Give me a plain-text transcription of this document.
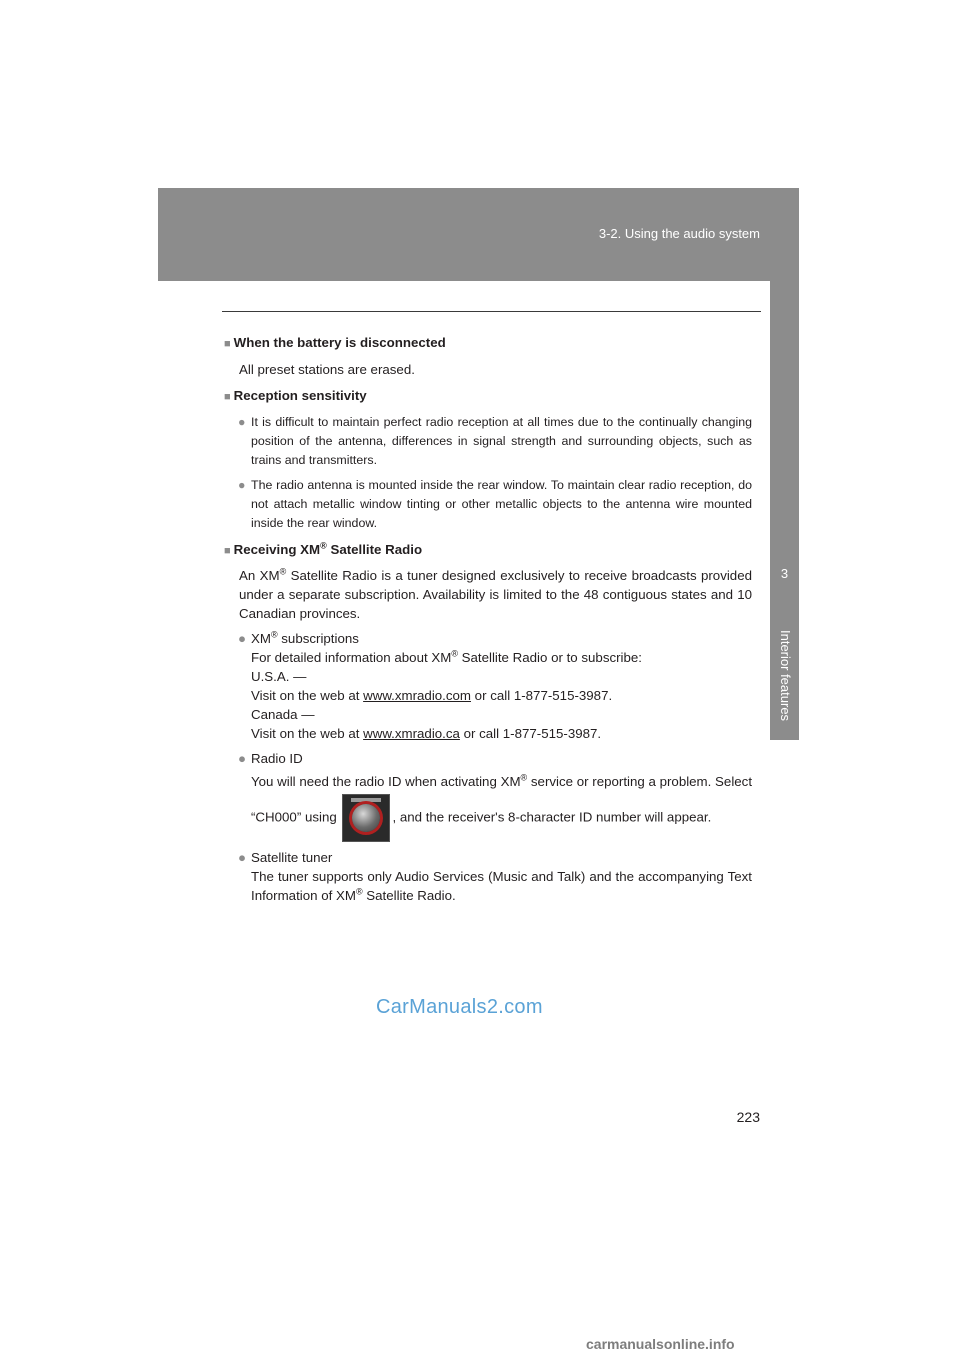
3-2. Using the audio system
3
Interior features
■ When the battery is disconnected
All preset stations are erased.
■ Reception sensitivity
● It is difficult to maintain perfect radio reception at all times due to the continually changing position of the antenna, differences in signal strength and surrounding objects, such as trains and transmitters.
● The radio antenna is mounted inside the rear window. To maintain clear radio reception, do not attach metallic window tinting or other metallic objects to the antenna wire mounted inside the rear window.
■ Receiving XM® Satellite Radio
An XM® Satellite Radio is a tuner designed exclusively to receive broadcasts provided under a separate subscription. Availability is limited to the 48 contiguous states and 10 Canadian provinces.
● XM® subscriptions
For detailed information about XM® Satellite Radio or to subscribe:
U.S.A. —
Visit on the web at www.xmradio.com or call 1-877-515-3987.
Canada —
Visit on the web at www.xmradio.ca or call 1-877-515-3987.
● Radio ID
You will need the radio ID when activating XM® service or reporting a problem. Select “CH000” using	, and the receiver's 8-character ID number will appear.
● Satellite tuner
The tuner supports only Audio Services (Music and Talk) and the accompanying Text Information of XM® Satellite Radio.
CarManuals2.com
223
carmanualsonline.info
